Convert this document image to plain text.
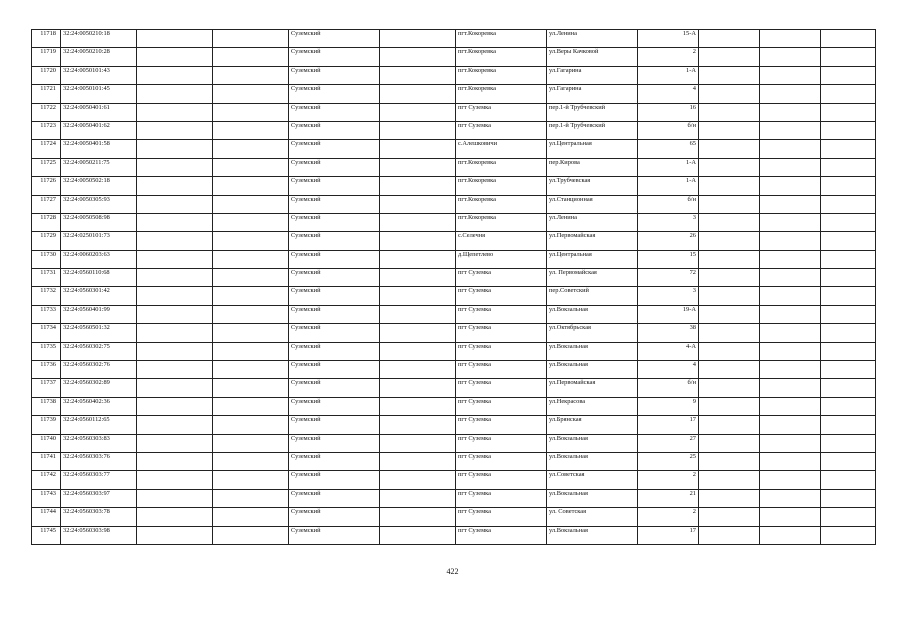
11718	32:24:0050210:18			Суземский		пгт.Кокоревка	ул.Ленина	15-А			
11719	32:24:0050210:28			Суземский		пгт.Кокоревка	ул.Веры Качковой	2			
11720	32:24:0050101:43			Суземский		пгт.Кокоревка	ул.Гагарина	1-А			
11721	32:24:0050101:45			Суземский		пгт.Кокоревка	ул.Гагарина	4			
11722	32:24:0050401:61			Суземский		пгт Суземка	пер.1-й Трубчевский	16			
11723	32:24:0050401:62			Суземский		пгт Суземка	пер.1-й Трубчевский	б/н			
11724	32:24:0050401:58			Суземский		с.Алешковичи	ул.Центральная	65			
11725	32:24:0050211:75			Суземский		пгт.Кокоревка	пер.Кирова	1-А			
11726	32:24:0050502:18			Суземский		пгт.Кокоревка	ул.Трубчевская	1-А			
11727	32:24:0050305:93			Суземский		пгт.Кокоревка	ул.Станционная	б/н			
11728	32:24:0050508:98			Суземский		пгт.Кокоревка	ул.Ленина	3			
11729	32:24:0250101:73			Суземский		с.Селечня	ул.Первомайская	26			
11730	32:24:0060203:63			Суземский		д.Щепетлево	ул.Центральная	15			
11731	32:24:0560110:68			Суземский		пгт Суземка	ул. Первомайская	72			
11732	32:24:0560301:42			Суземский		пгт Суземка	пер.Советский	3			
11733	32:24:0560401:99			Суземский		пгт Суземка	ул.Вокзальная	19-А			
11734	32:24:0560501:32			Суземский		пгт Суземка	ул.Октябрьская	38			
11735	32:24:0560302:75			Суземский		пгт Суземка	ул.Вокзальная	4-А			
11736	32:24:0560302:76			Суземский		пгт Суземка	ул.Вокзальная	4			
11737	32:24:0560302:89			Суземский		пгт Суземка	ул.Первомайская	б/н			
11738	32:24:0560402:36			Суземский		пгт Суземка	ул.Некрасова	9			
11739	32:24:0560112:65			Суземский		пгт Суземка	ул.Брянская	17			
11740	32:24:0560303:83			Суземский		пгт Суземка	ул.Вокзальная	27			
11741	32:24:0560303:76			Суземский		пгт Суземка	ул.Вокзальная	25			
11742	32:24:0560303:77			Суземский		пгт Суземка	ул.Советская	2			
11743	32:24:0560303:97			Суземский		пгт Суземка	ул.Вокзальная	21			
11744	32:24:0560303:78			Суземский		пгт Суземка	ул. Советская	2			
11745	32:24:0560303:98			Суземский		пгт Суземка	ул.Вокзальная	17			
422
